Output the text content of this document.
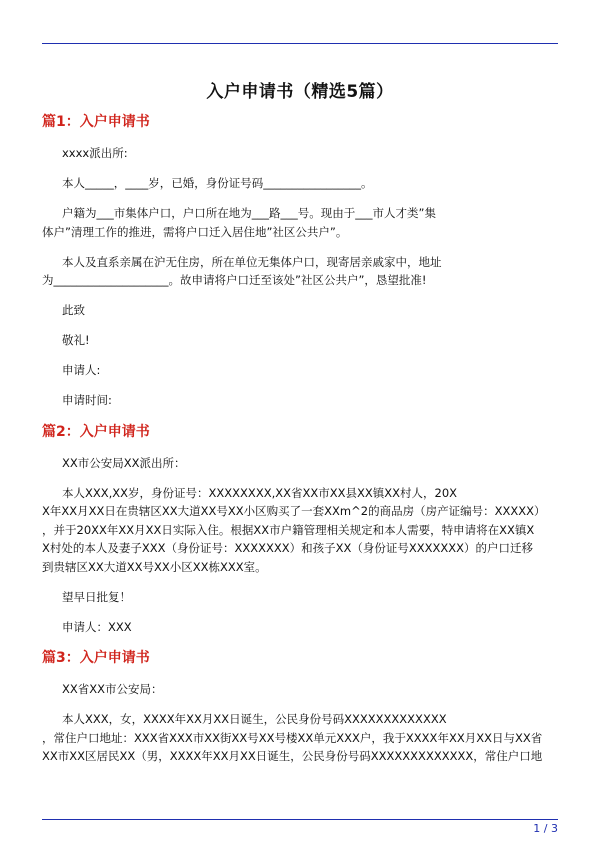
入户申请书（精选5篇）
篇1：入户申请书
xxxx派出所:
本人_____，____岁，已婚，身份证号码_________________。
户籍为___市集体户口，户口所在地为___路___号。现由于___市人才类”集
体户”清理工作的推进，需将户口迁入居住地”社区公共户”。
本人及直系亲属在沪无住房，所在单位无集体户口，现寄居亲戚家中，地址
为____________________。故申请将户口迁至该处”社区公共户”，恳望批准!
此致
敬礼!
申请人:
申请时间:
篇2：入户申请书
XX市公安局XX派出所：
本人XXX,XX岁，身份证号：XXXXXXXX,XX省XX市XX县XX镇XX村人，20X
X年XX月XX日在贵辖区XX大道XX号XX小区购买了一套XXm^2的商品房（房产证编号：XXXXX）
，并于20XX年XX月XX日实际入住。根据XX市户籍管理相关规定和本人需要，特申请将在XX镇X
X村处的本人及妻子XXX（身份证号：XXXXXXX）和孩子XX（身份证号XXXXXXX）的户口迁移
到贵辖区XX大道XX号XX小区XX栋XXX室。
望早日批复！
申请人：XXX
篇3：入户申请书
XX省XX市公安局：
本人XXX，女，XXXX年XX月XX日诞生，公民身份号码XXXXXXXXXXXXX
，常住户口地址：XXX省XXX市XX街XX号XX号楼XX单元XXX户，我于XXXX年XX月XX日与XX省
XX市XX区居民XX（男，XXXX年XX月XX日诞生，公民身份号码XXXXXXXXXXXXX，常住户口地
1 / 3
